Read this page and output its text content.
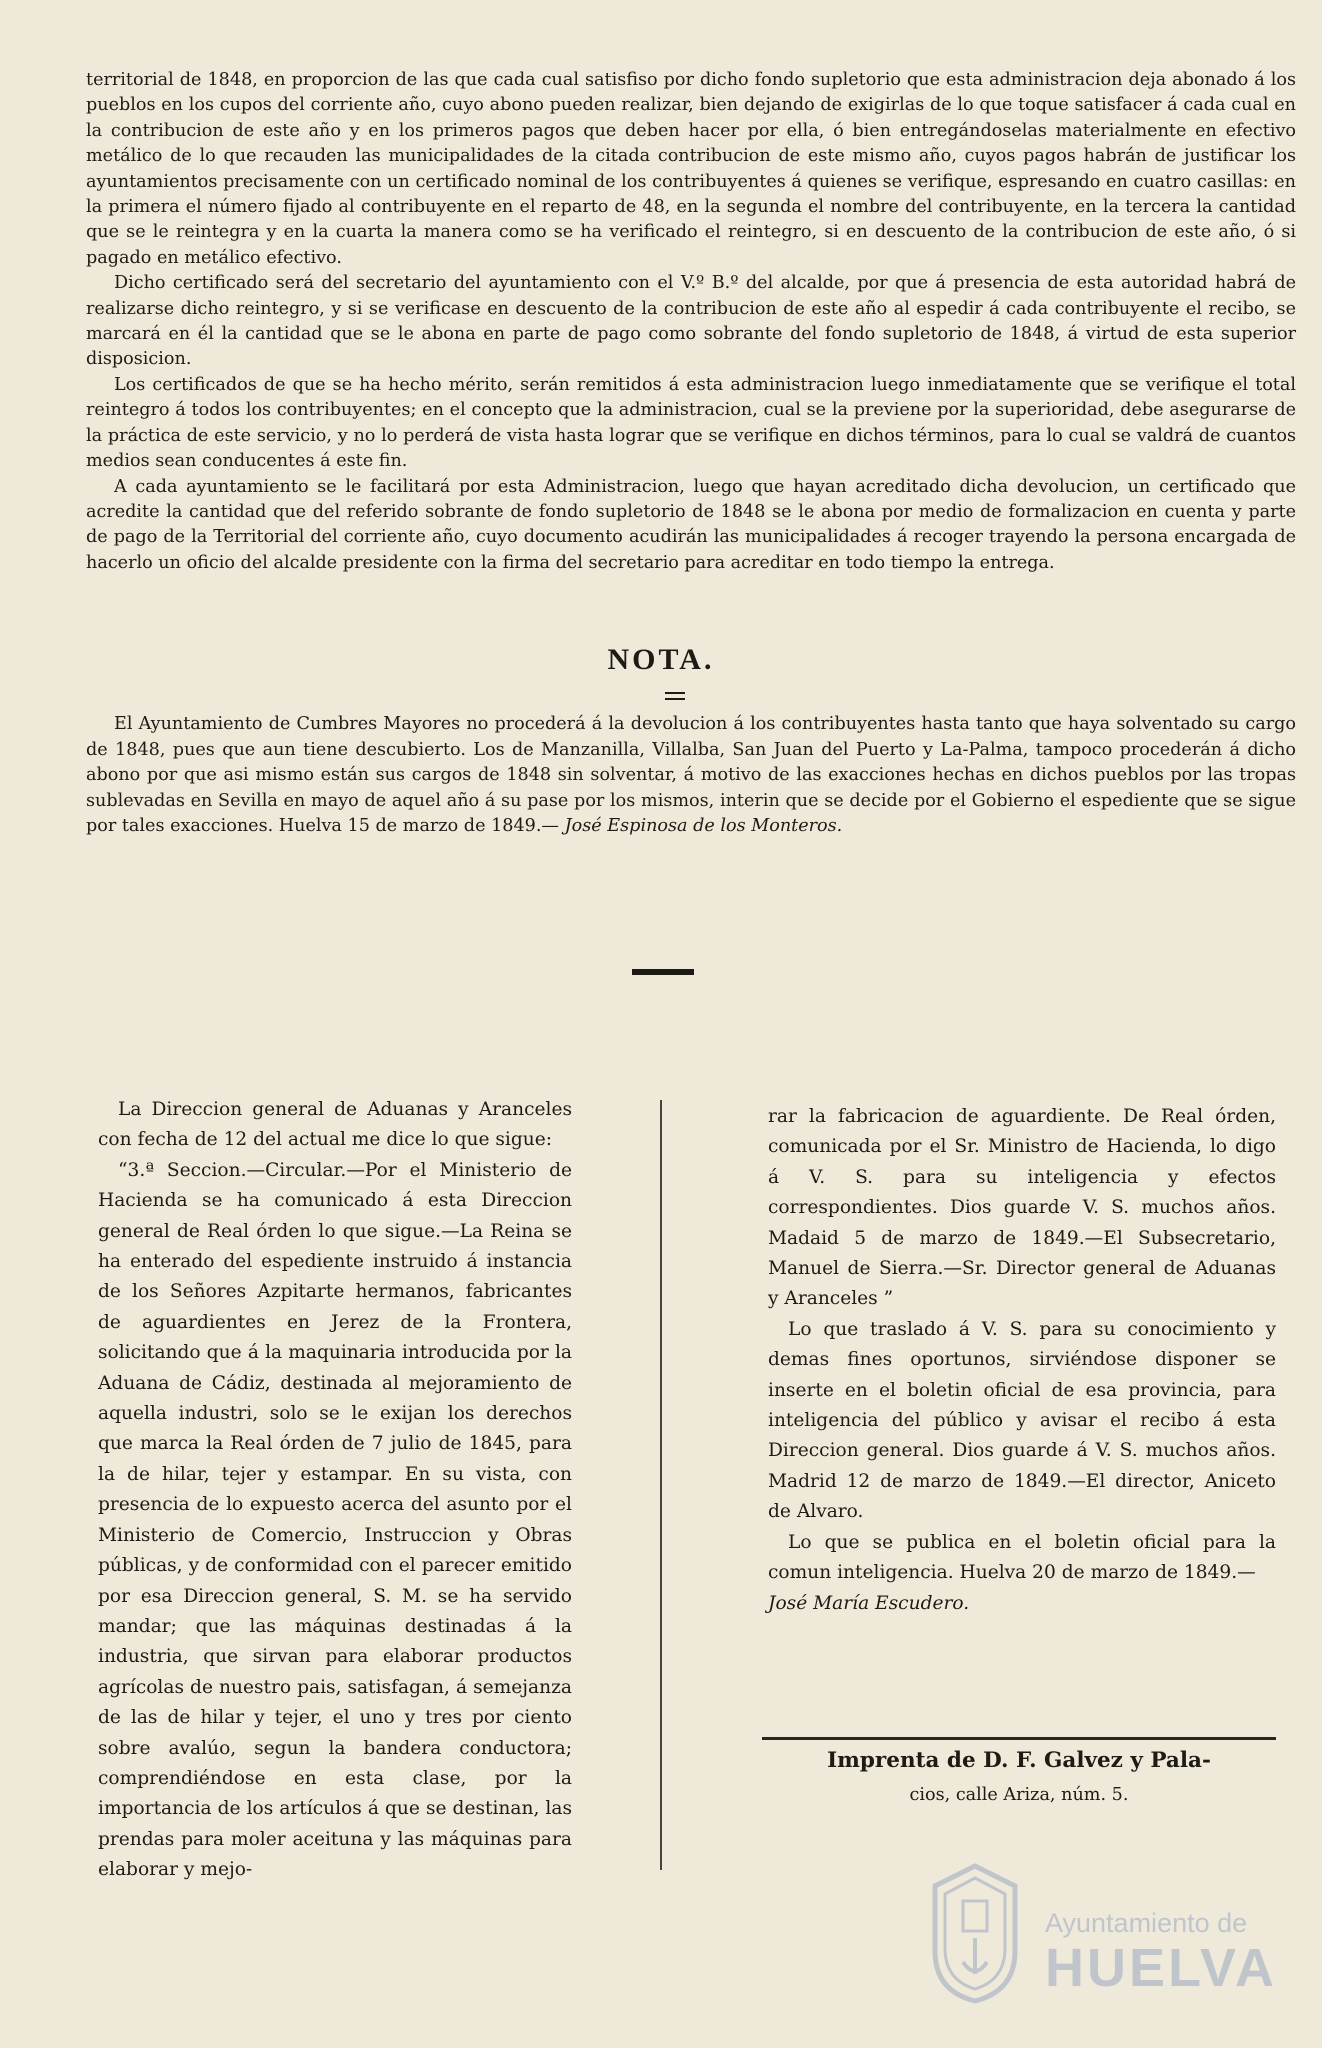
territorial de 1848, en proporcion de las que cada cual satisfiso por dicho fondo supletorio que esta administracion deja abonado á los pueblos en los cupos del corriente año, cuyo abono pueden realizar, bien dejando de exigirlas de lo que toque satisfacer á cada cual en la contribucion de este año y en los primeros pagos que deben hacer por ella, ó bien entregándoselas materialmente en efectivo metálico de lo que recauden las municipalidades de la citada contribucion de este mismo año, cuyos pagos habrán de justificar los ayuntamientos precisamente con un certificado nominal de los contribuyentes á quienes se verifique, espresando en cuatro casillas: en la primera el número fijado al contribuyente en el reparto de 48, en la segunda el nombre del contribuyente, en la tercera la cantidad que se le reintegra y en la cuarta la manera como se ha verificado el reintegro, si en descuento de la contribucion de este año, ó si pagado en metálico efectivo.

Dicho certificado será del secretario del ayuntamiento con el V.º B.º del alcalde, por que á presencia de esta autoridad habrá de realizarse dicho reintegro, y si se verificase en descuento de la contribucion de este año al espedir á cada contribuyente el recibo, se marcará en él la cantidad que se le abona en parte de pago como sobrante del fondo supletorio de 1848, á virtud de esta superior disposicion.

Los certificados de que se ha hecho mérito, serán remitidos á esta administracion luego inmediatamente que se verifique el total reintegro á todos los contribuyentes; en el concepto que la administracion, cual se la previene por la superioridad, debe asegurarse de la práctica de este servicio, y no lo perderá de vista hasta lograr que se verifique en dichos términos, para lo cual se valdrá de cuantos medios sean conducentes á este fin.

A cada ayuntamiento se le facilitará por esta Administracion, luego que hayan acreditado dicha devolucion, un certificado que acredite la cantidad que del referido sobrante de fondo supletorio de 1848 se le abona por medio de formalizacion en cuenta y parte de pago de la Territorial del corriente año, cuyo documento acudirán las municipalidades á recoger trayendo la persona encargada de hacerlo un oficio del alcalde presidente con la firma del secretario para acreditar en todo tiempo la entrega.

NOTA.
El Ayuntamiento de Cumbres Mayores no procederá á la devolucion á los contribuyentes hasta tanto que haya solventado su cargo de 1848, pues que aun tiene descubierto. Los de Manzanilla, Villalba, San Juan del Puerto y La-Palma, tampoco procederán á dicho abono por que asi mismo están sus cargos de 1848 sin solventar, á motivo de las exacciones hechas en dichos pueblos por las tropas sublevadas en Sevilla en mayo de aquel año á su pase por los mismos, interin que se decide por el Gobierno el espediente que se sigue por tales exacciones. Huelva 15 de marzo de 1849.— José Espinosa de los Monteros.

La Direccion general de Aduanas y Aranceles con fecha de 12 del actual me dice lo que sigue:

“3.ª Seccion.—Circular.—Por el Ministerio de Hacienda se ha comunicado á esta Direccion general de Real órden lo que sigue.—La Reina se ha enterado del espediente instruido á instancia de los Señores Azpitarte hermanos, fabricantes de aguardientes en Jerez de la Frontera, solicitando que á la maquinaria introducida por la Aduana de Cádiz, destinada al mejoramiento de aquella industri, solo se le exijan los derechos que marca la Real órden de 7 julio de 1845, para la de hilar, tejer y estampar. En su vista, con presencia de lo expuesto acerca del asunto por el Ministerio de Comercio, Instruccion y Obras públicas, y de conformidad con el parecer emitido por esa Direccion general, S. M. se ha servido mandar; que las máquinas destinadas á la industria, que sirvan para elaborar productos agrícolas de nuestro pais, satisfagan, á semejanza de las de hilar y tejer, el uno y tres por ciento sobre avalúo, segun la bandera conductora; comprendiéndose en esta clase, por la importancia de los artículos á que se destinan, las prendas para moler aceituna y las máquinas para elaborar y mejo-

rar la fabricacion de aguardiente. De Real órden, comunicada por el Sr. Ministro de Hacienda, lo digo á V. S. para su inteligencia y efectos correspondientes. Dios guarde V. S. muchos años. Madaid 5 de marzo de 1849.—El Subsecretario, Manuel de Sierra.—Sr. Director general de Aduanas y Aranceles ”

Lo que traslado á V. S. para su conocimiento y demas fines oportunos, sirviéndose disponer se inserte en el boletin oficial de esa provincia, para inteligencia del público y avisar el recibo á esta Direccion general. Dios guarde á V. S. muchos años. Madrid 12 de marzo de 1849.—El director, Aniceto de Alvaro.

Lo que se publica en el boletin oficial para la comun inteligencia. Huelva 20 de marzo de 1849.—
José María Escudero.

Imprenta de D. F. Galvez y Pala-
cios, calle Ariza, núm. 5.
Ayuntamiento de
HUELVA
